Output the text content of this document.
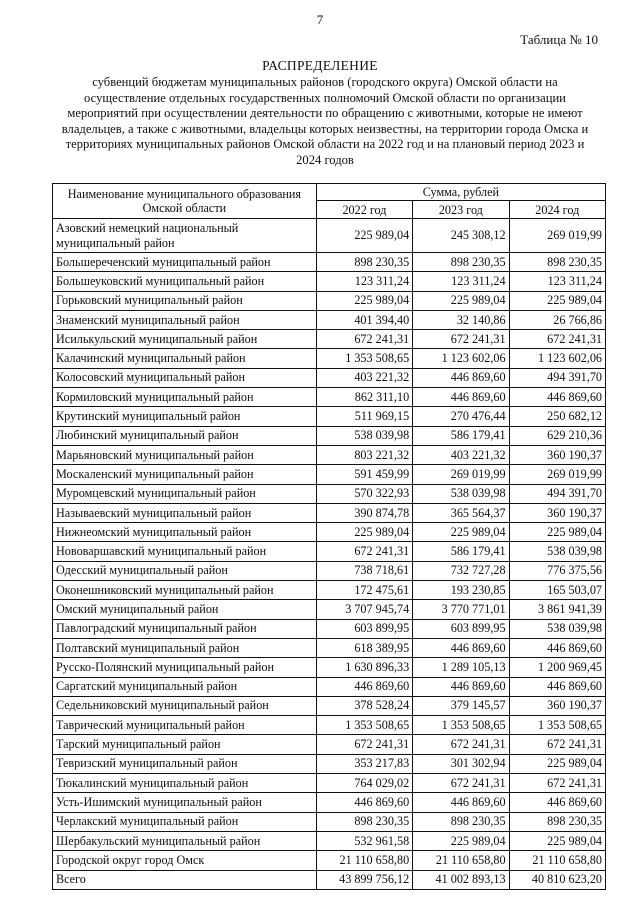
7
Таблица № 10
РАСПРЕДЕЛЕНИЕ
субвенций бюджетам муниципальных районов (городского округа) Омской области на осуществление отдельных государственных полномочий Омской области по организации мероприятий при осуществлении деятельности по обращению с животными, которые не имеют владельцев, а также с животными, владельцы которых неизвестны, на территории города Омска и территориях муниципальных районов Омской области на 2022 год и на плановый период 2023 и 2024 годов
Наименование муниципального образования Омской области	Сумма, рублей		
	2022 год	2023 год	2024 год
Азовский немецкий национальный муниципальный район	225 989,04	245 308,12	269 019,99
Большереченский муниципальный район	898 230,35	898 230,35	898 230,35
Большеуковский муниципальный район	123 311,24	123 311,24	123 311,24
Горьковский муниципальный район	225 989,04	225 989,04	225 989,04
Знаменский муниципальный район	401 394,40	32 140,86	26 766,86
Исилькульский муниципальный район	672 241,31	672 241,31	672 241,31
Калачинский муниципальный район	1 353 508,65	1 123 602,06	1 123 602,06
Колосовский муниципальный район	403 221,32	446 869,60	494 391,70
Кормиловский муниципальный район	862 311,10	446 869,60	446 869,60
Крутинский муниципальный район	511 969,15	270 476,44	250 682,12
Любинский муниципальный район	538 039,98	586 179,41	629 210,36
Марьяновский муниципальный район	803 221,32	403 221,32	360 190,37
Москаленский муниципальный район	591 459,99	269 019,99	269 019,99
Муромцевский муниципальный район	570 322,93	538 039,98	494 391,70
Называевский муниципальный район	390 874,78	365 564,37	360 190,37
Нижнеомский муниципальный район	225 989,04	225 989,04	225 989,04
Нововаршавский муниципальный район	672 241,31	586 179,41	538 039,98
Одесский муниципальный район	738 718,61	732 727,28	776 375,56
Оконешниковский муниципальный район	172 475,61	193 230,85	165 503,07
Омский муниципальный район	3 707 945,74	3 770 771,01	3 861 941,39
Павлоградский муниципальный район	603 899,95	603 899,95	538 039,98
Полтавский муниципальный район	618 389,95	446 869,60	446 869,60
Русско-Полянский муниципальный район	1 630 896,33	1 289 105,13	1 200 969,45
Саргатский муниципальный район	446 869,60	446 869,60	446 869,60
Седельниковский муниципальный район	378 528,24	379 145,57	360 190,37
Таврический муниципальный район	1 353 508,65	1 353 508,65	1 353 508,65
Тарский муниципальный район	672 241,31	672 241,31	672 241,31
Тевризский муниципальный район	353 217,83	301 302,94	225 989,04
Тюкалинский муниципальный район	764 029,02	672 241,31	672 241,31
Усть-Ишимский муниципальный район	446 869,60	446 869,60	446 869,60
Черлакский муниципальный район	898 230,35	898 230,35	898 230,35
Шербакульский муниципальный район	532 961,58	225 989,04	225 989,04
Городской округ город Омск	21 110 658,80	21 110 658,80	21 110 658,80
Всего	43 899 756,12	41 002 893,13	40 810 623,20
